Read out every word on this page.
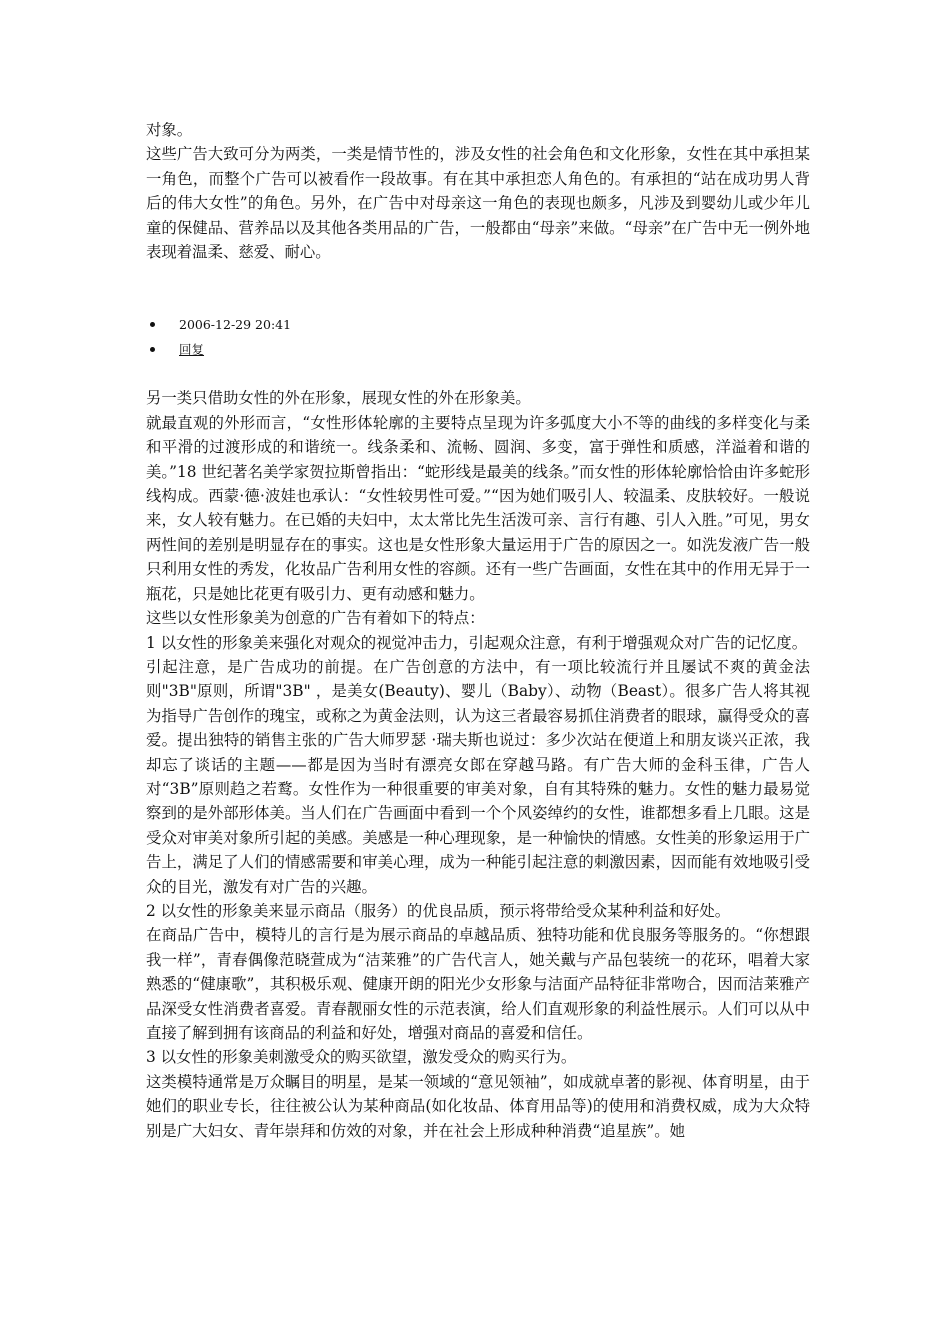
对象。

这些广告大致可分为两类，一类是情节性的，涉及女性的社会角色和文化形象，女性在其中承担某一角色，而整个广告可以被看作一段故事。有在其中承担恋人角色的。有承担的“站在成功男人背后的伟大女性”的角色。另外，在广告中对母亲这一角色的表现也颇多，凡涉及到婴幼儿或少年儿童的保健品、营养品以及其他各类用品的广告，一般都由“母亲”来做。“母亲”在广告中无一例外地表现着温柔、慈爱、耐心。

2006-12-29 20:41
回复

另一类只借助女性的外在形象，展现女性的外在形象美。

就最直观的外形而言，“女性形体轮廓的主要特点呈现为许多弧度大小不等的曲线的多样变化与柔和平滑的过渡形成的和谐统一。线条柔和、流畅、圆润、多变，富于弹性和质感，洋溢着和谐的美。”18 世纪著名美学家贺拉斯曾指出：“蛇形线是最美的线条。”而女性的形体轮廓恰恰由许多蛇形线构成。西蒙·德·波娃也承认：“女性较男性可爱。”“因为她们吸引人、较温柔、皮肤较好。一般说来，女人较有魅力。在已婚的夫妇中，太太常比先生活泼可亲、言行有趣、引人入胜。”可见，男女两性间的差别是明显存在的事实。这也是女性形象大量运用于广告的原因之一。如洗发液广告一般只利用女性的秀发，化妆品广告利用女性的容颜。还有一些广告画面，女性在其中的作用无异于一瓶花，只是她比花更有吸引力、更有动感和魅力。

这些以女性形象美为创意的广告有着如下的特点：

1 以女性的形象美来强化对观众的视觉冲击力，引起观众注意，有利于增强观众对广告的记忆度。

引起注意，是广告成功的前提。在广告创意的方法中，有一项比较流行并且屡试不爽的黄金法则"3B"原则，所谓"3B" ，是美女(Beauty)、婴儿（Baby）、动物（Beast）。很多广告人将其视为指导广告创作的瑰宝，或称之为黄金法则，认为这三者最容易抓住消费者的眼球，赢得受众的喜爱。提出独特的销售主张的广告大师罗瑟 ·瑞夫斯也说过：多少次站在便道上和朋友谈兴正浓，我却忘了谈话的主题——都是因为当时有漂亮女郎在穿越马路。有广告大师的金科玉律，广告人对“3B”原则趋之若鹜。女性作为一种很重要的审美对象，自有其特殊的魅力。女性的魅力最易觉察到的是外部形体美。当人们在广告画面中看到一个个风姿绰约的女性，谁都想多看上几眼。这是受众对审美对象所引起的美感。美感是一种心理现象，是一种愉快的情感。女性美的形象运用于广告上，满足了人们的情感需要和审美心理，成为一种能引起注意的刺激因素，因而能有效地吸引受众的目光，激发有对广告的兴趣。

2 以女性的形象美来显示商品（服务）的优良品质，预示将带给受众某种利益和好处。

在商品广告中，模特儿的言行是为展示商品的卓越品质、独特功能和优良服务等服务的。“你想跟我一样”，青春偶像范晓萱成为“洁莱雅”的广告代言人，她关戴与产品包装统一的花环，唱着大家熟悉的“健康歌”，其积极乐观、健康开朗的阳光少女形象与洁面产品特征非常吻合，因而洁莱雅产品深受女性消费者喜爱。青春靓丽女性的示范表演，给人们直观形象的利益性展示。人们可以从中直接了解到拥有该商品的利益和好处，增强对商品的喜爱和信任。

3 以女性的形象美刺激受众的购买欲望，激发受众的购买行为。

这类模特通常是万众瞩目的明星，是某一领域的“意见领袖”，如成就卓著的影视、体育明星，由于她们的职业专长，往往被公认为某种商品(如化妆品、体育用品等)的使用和消费权威，成为大众特别是广大妇女、青年崇拜和仿效的对象，并在社会上形成种种消费“追星族”。她
